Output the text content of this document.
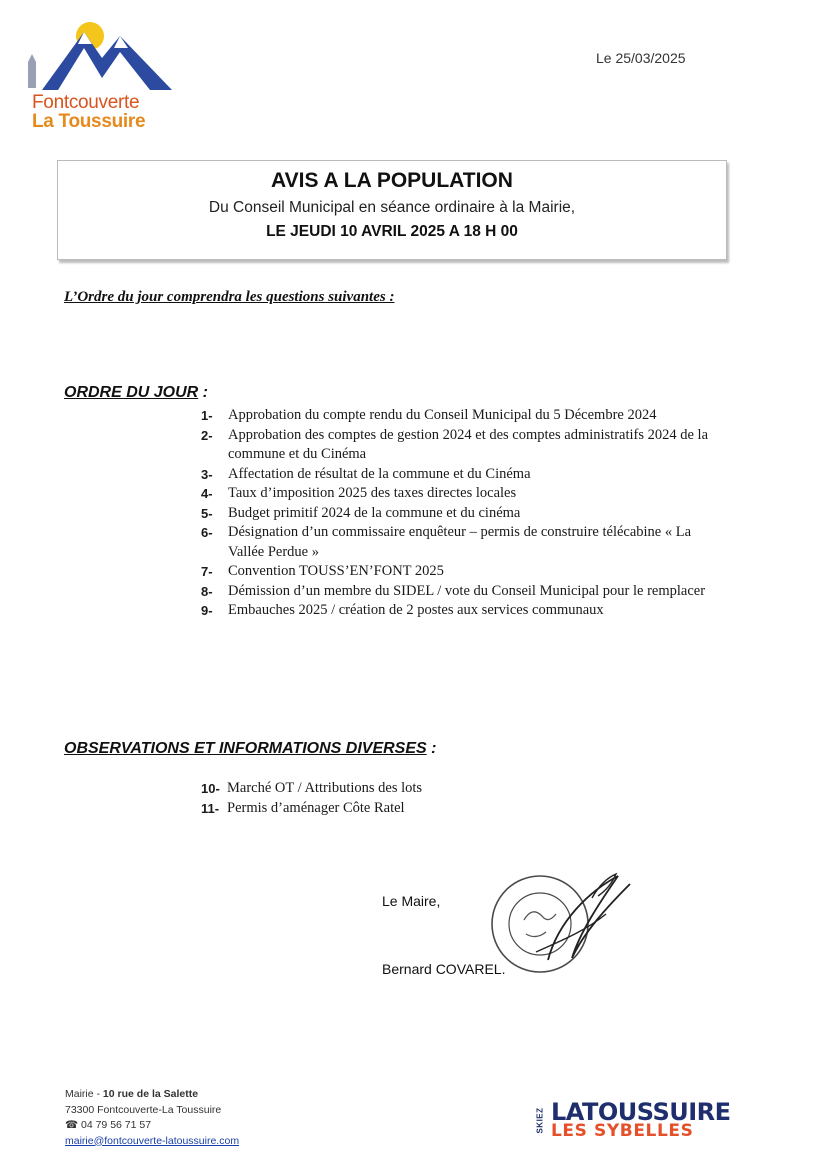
Fontcouverte
La Toussuire
Le 25/03/2025
AVIS A LA POPULATION
Du Conseil Municipal en séance ordinaire à la Mairie,
LE JEUDI 10 AVRIL 2025 A 18 H 00
L’Ordre du jour comprendra les questions suivantes :
ORDRE DU JOUR :
1-	Approbation du compte rendu du Conseil Municipal du 5 Décembre 2024
2-	Approbation des comptes de gestion 2024 et des comptes administratifs 2024 de la commune et du Cinéma
3-	Affectation de résultat de la commune et du Cinéma
4-	Taux d’imposition 2025 des taxes directes locales
5-	Budget primitif 2024 de la commune et du cinéma
6-	Désignation d’un commissaire enquêteur – permis de construire télécabine « La Vallée Perdue »
7-	Convention TOUSS’EN’FONT 2025
8-	Démission d’un membre du SIDEL / vote du Conseil Municipal pour le remplacer
9-	Embauches 2025 / création de 2 postes aux services communaux
OBSERVATIONS ET INFORMATIONS DIVERSES :
10- Marché OT / Attributions des lots
11- Permis d’aménager Côte Ratel
Le Maire,
Bernard COVAREL.
Mairie - 10 rue de la Salette
73300 Fontcouverte-La Toussuire
☎ 04 79 56 71 57
mairie@fontcouverte-latoussuire.com
SKIEZ LATOUSSUIRE
LES SYBELLES
